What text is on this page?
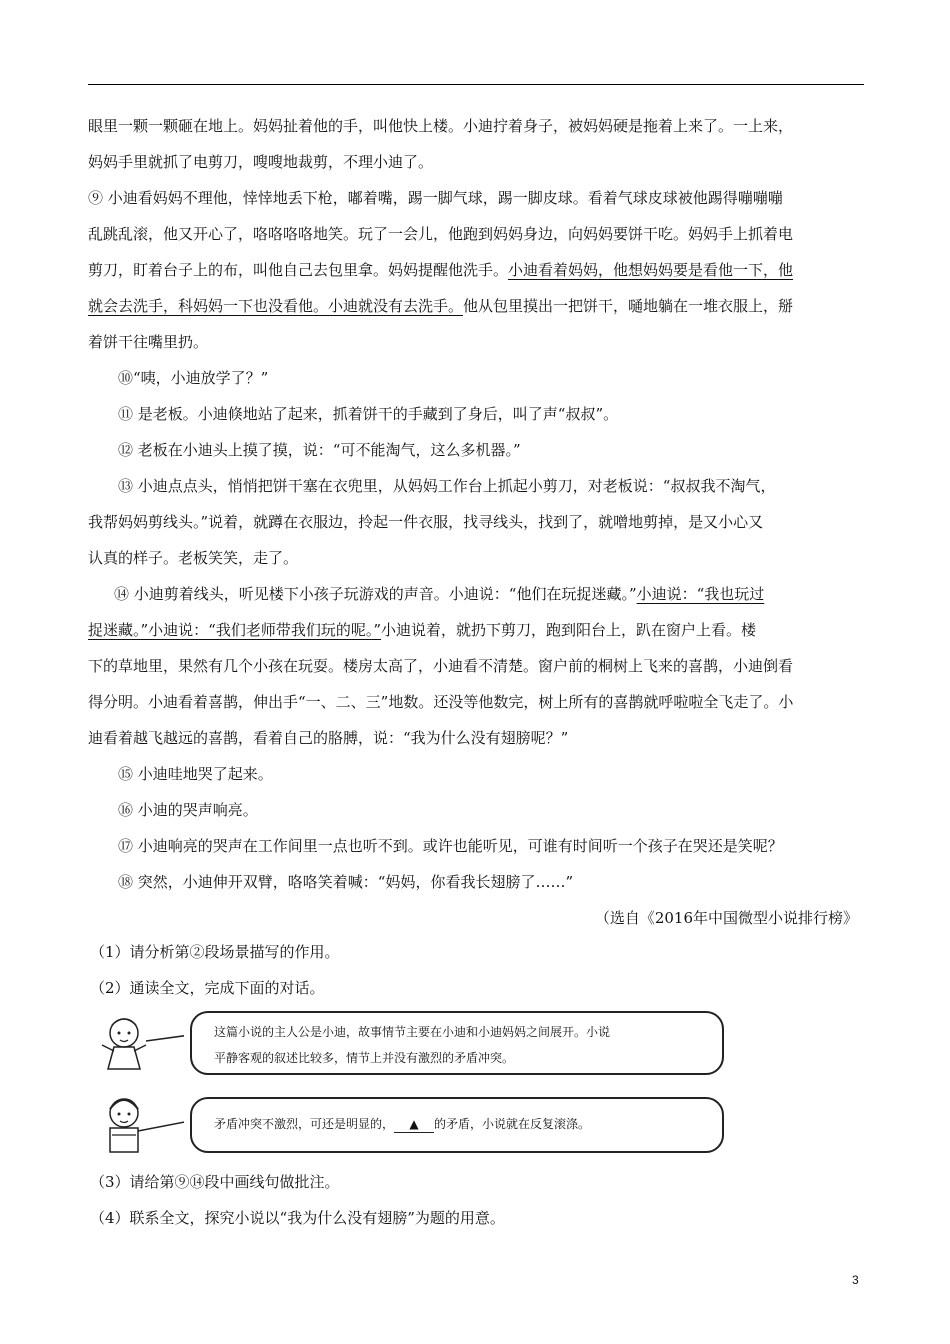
眼里一颗一颗砸在地上。妈妈扯着他的手，叫他快上楼。小迪拧着身子，被妈妈硬是拖着上来了。一上来，
妈妈手里就抓了电剪刀，嗖嗖地裁剪，不理小迪了。
⑨ 小迪看妈妈不理他，悻悻地丢下枪，嘟着嘴，踢一脚气球，踢一脚皮球。看着气球皮球被他踢得嘣嘣嘣
乱跳乱滚，他又开心了，咯咯咯咯地笑。玩了一会儿，他跑到妈妈身边，向妈妈要饼干吃。妈妈手上抓着电
剪刀，盯着台子上的布，叫他自己去包里拿。妈妈提醒他洗手。小迪看着妈妈，他想妈妈要是看他一下，他
就会去洗手，科妈妈一下也没看他。小迪就没有去洗手。他从包里摸出一把饼干，嗵地躺在一堆衣服上，掰
着饼干往嘴里扔。
⑩“咦，小迪放学了？”
⑪ 是老板。小迪倏地站了起来，抓着饼干的手藏到了身后，叫了声“叔叔”。
⑫ 老板在小迪头上摸了摸，说：“可不能淘气，这么多机器。”
⑬ 小迪点点头，悄悄把饼干塞在衣兜里，从妈妈工作台上抓起小剪刀，对老板说：“叔叔我不淘气，
我帮妈妈剪线头。”说着，就蹲在衣服边，拎起一件衣服，找寻线头，找到了，就噌地剪掉，是又小心又
认真的样子。老板笑笑，走了。
⑭ 小迪剪着线头，听见楼下小孩子玩游戏的声音。小迪说：“他们在玩捉迷藏。”小迪说：“我也玩过
捉迷藏。”小迪说：“我们老师带我们玩的呢。”小迪说着，就扔下剪刀，跑到阳台上，趴在窗户上看。楼
下的草地里，果然有几个小孩在玩耍。楼房太高了，小迪看不清楚。窗户前的桐树上飞来的喜鹊，小迪倒看
得分明。小迪看着喜鹊，伸出手“一、二、三”地数。还没等他数完，树上所有的喜鹊就呼啦啦全飞走了。小
迪看着越飞越远的喜鹊，看着自己的胳膊，说：“我为什么没有翅膀呢？”
⑮ 小迪哇地哭了起来。
⑯ 小迪的哭声响亮。
⑰ 小迪响亮的哭声在工作间里一点也听不到。或许也能听见，可谁有时间听一个孩子在哭还是笑呢？
⑱ 突然，小迪伸开双臂，咯咯笑着喊：“妈妈，你看我长翅膀了……”
（选自《2016年中国微型小说排行榜》
（1）请分析第②段场景描写的作用。
（2）通读全文，完成下面的对话。
这篇小说的主人公是小迪，故事情节主要在小迪和小迪妈妈之间展开。小说
平静客观的叙述比较多，情节上并没有激烈的矛盾冲突。
矛盾冲突不激烈，可还是明显的， ▲ 的矛盾，小说就在反复滚涤。
（3）请给第⑨⑭段中画线句做批注。
（4）联系全文，探究小说以“我为什么没有翅膀”为题的用意。
3
